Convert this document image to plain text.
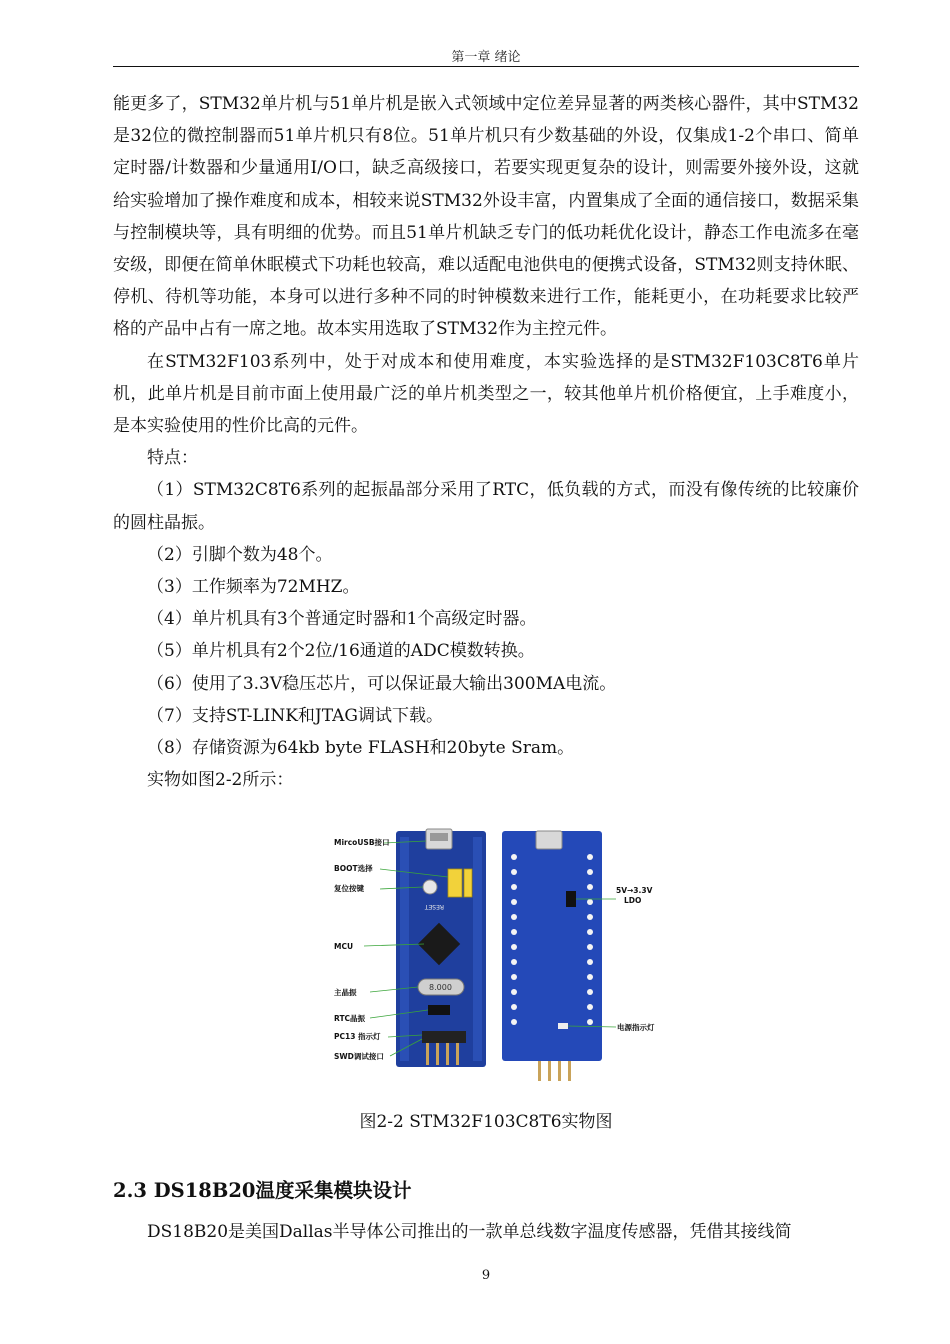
第一章 绪论

能更多了，STM32单片机与51单片机是嵌入式领域中定位差异显著的两类核心器件，其中STM32是32位的微控制器而51单片机只有8位。51单片机只有少数基础的外设，仅集成1-2个串口、简单定时器/计数器和少量通用I/O口，缺乏高级接口，若要实现更复杂的设计，则需要外接外设，这就给实验增加了操作难度和成本，相较来说STM32外设丰富，内置集成了全面的通信接口，数据采集与控制模块等，具有明细的优势。而且51单片机缺乏专门的低功耗优化设计，静态工作电流多在毫安级，即便在简单休眠模式下功耗也较高，难以适配电池供电的便携式设备，STM32则支持休眠、停机、待机等功能，本身可以进行多种不同的时钟模数来进行工作，能耗更小，在功耗要求比较严格的产品中占有一席之地。故本实用选取了STM32作为主控元件。

在STM32F103系列中，处于对成本和使用难度，本实验选择的是STM32F103C8T6单片机，此单片机是目前市面上使用最广泛的单片机类型之一，较其他单片机价格便宜，上手难度小，是本实验使用的性价比高的元件。

特点：

（1）STM32C8T6系列的起振晶部分采用了RTC，低负载的方式，而没有像传统的比较廉价的圆柱晶振。

（2）引脚个数为48个。

（3）工作频率为72MHZ。

（4）单片机具有3个普通定时器和1个高级定时器。

（5）单片机具有2个2位/16通道的ADC模数转换。

（6）使用了3.3V稳压芯片，可以保证最大输出300MA电流。

（7）支持ST-LINK和JTAG调试下载。

（8）存储资源为64kb byte FLASH和20byte Sram。

实物如图2-2所示：

RESET
8.000
MircoUSB接口
BOOT选择
复位按键
MCU
主晶振
RTC晶振
PC13 指示灯
SWD调试接口
5V→3.3V
LDO
电源指示灯
图2-2 STM32F103C8T6实物图
2.3 DS18B20温度采集模块设计
DS18B20是美国Dallas半导体公司推出的一款单总线数字温度传感器，凭借其接线简
9
